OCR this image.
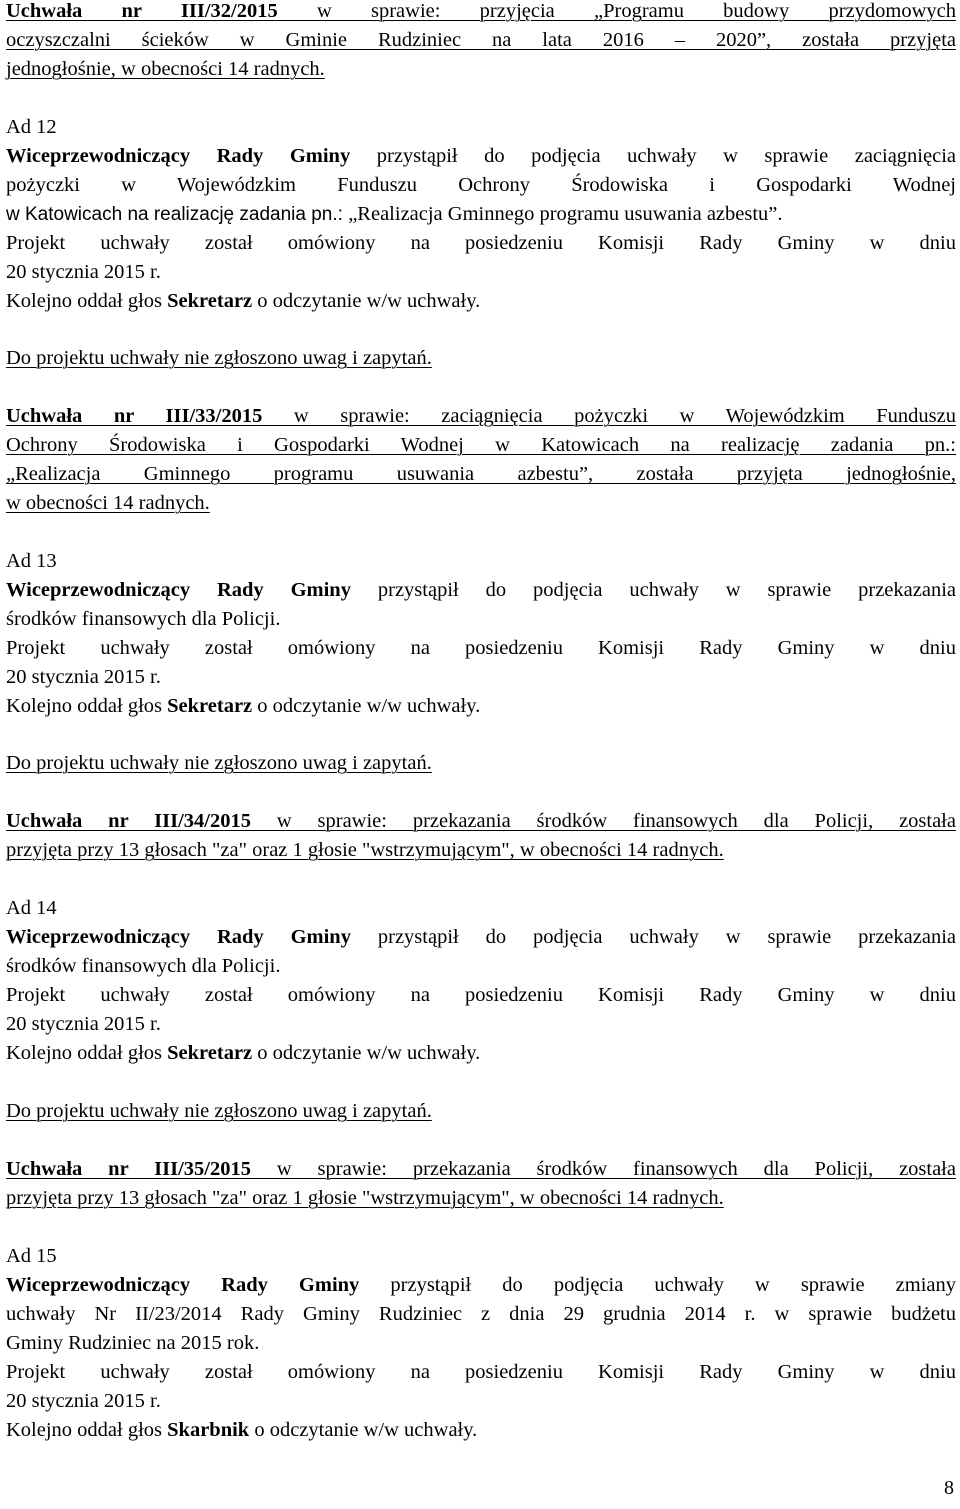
Uchwała nr III/32/2015 w sprawie: przyjęcia „Programu budowy przydomowych
oczyszczalni ścieków w Gminie Rudziniec na lata 2016 – 2020”, została przyjęta
jednogłośnie, w obecności 14 radnych.
Ad 12
Wiceprzewodniczący Rady Gminy przystąpił do podjęcia uchwały w sprawie zaciągnięcia
pożyczki w Wojewódzkim Funduszu Ochrony Środowiska i Gospodarki Wodnej
w Katowicach na realizację zadania pn.: „Realizacja Gminnego programu usuwania azbestu”.
Projekt uchwały został omówiony na posiedzeniu Komisji Rady Gminy w dniu
20 stycznia 2015 r.
Kolejno oddał głos Sekretarz o odczytanie w/w uchwały.
Do projektu uchwały nie zgłoszono uwag i zapytań.
Uchwała nr III/33/2015 w sprawie: zaciągnięcia pożyczki w Wojewódzkim Funduszu
Ochrony Środowiska i Gospodarki Wodnej w Katowicach na realizację zadania pn.:
„Realizacja Gminnego programu usuwania azbestu”, została przyjęta jednogłośnie,
w obecności 14 radnych.
Ad 13
Wiceprzewodniczący Rady Gminy przystąpił do podjęcia uchwały w sprawie przekazania
środków finansowych dla Policji.
Projekt uchwały został omówiony na posiedzeniu Komisji Rady Gminy w dniu
20 stycznia 2015 r.
Kolejno oddał głos Sekretarz o odczytanie w/w uchwały.
Do projektu uchwały nie zgłoszono uwag i zapytań.
Uchwała nr III/34/2015 w sprawie: przekazania środków finansowych dla Policji, została
przyjęta przy 13 głosach "za" oraz 1 głosie "wstrzymującym", w obecności 14 radnych.
Ad 14
Wiceprzewodniczący Rady Gminy przystąpił do podjęcia uchwały w sprawie przekazania
środków finansowych dla Policji.
Projekt uchwały został omówiony na posiedzeniu Komisji Rady Gminy w dniu
20 stycznia 2015 r.
Kolejno oddał głos Sekretarz o odczytanie w/w uchwały.
Do projektu uchwały nie zgłoszono uwag i zapytań.
Uchwała nr III/35/2015 w sprawie: przekazania środków finansowych dla Policji, została
przyjęta przy 13 głosach "za" oraz 1 głosie "wstrzymującym", w obecności 14 radnych.
Ad 15
Wiceprzewodniczący Rady Gminy przystąpił do podjęcia uchwały w sprawie zmiany
uchwały Nr II/23/2014 Rady Gminy Rudziniec z dnia 29 grudnia 2014 r. w sprawie budżetu
Gminy Rudziniec na 2015 rok.
Projekt uchwały został omówiony na posiedzeniu Komisji Rady Gminy w dniu
20 stycznia 2015 r.
Kolejno oddał głos Skarbnik o odczytanie w/w uchwały.
8
